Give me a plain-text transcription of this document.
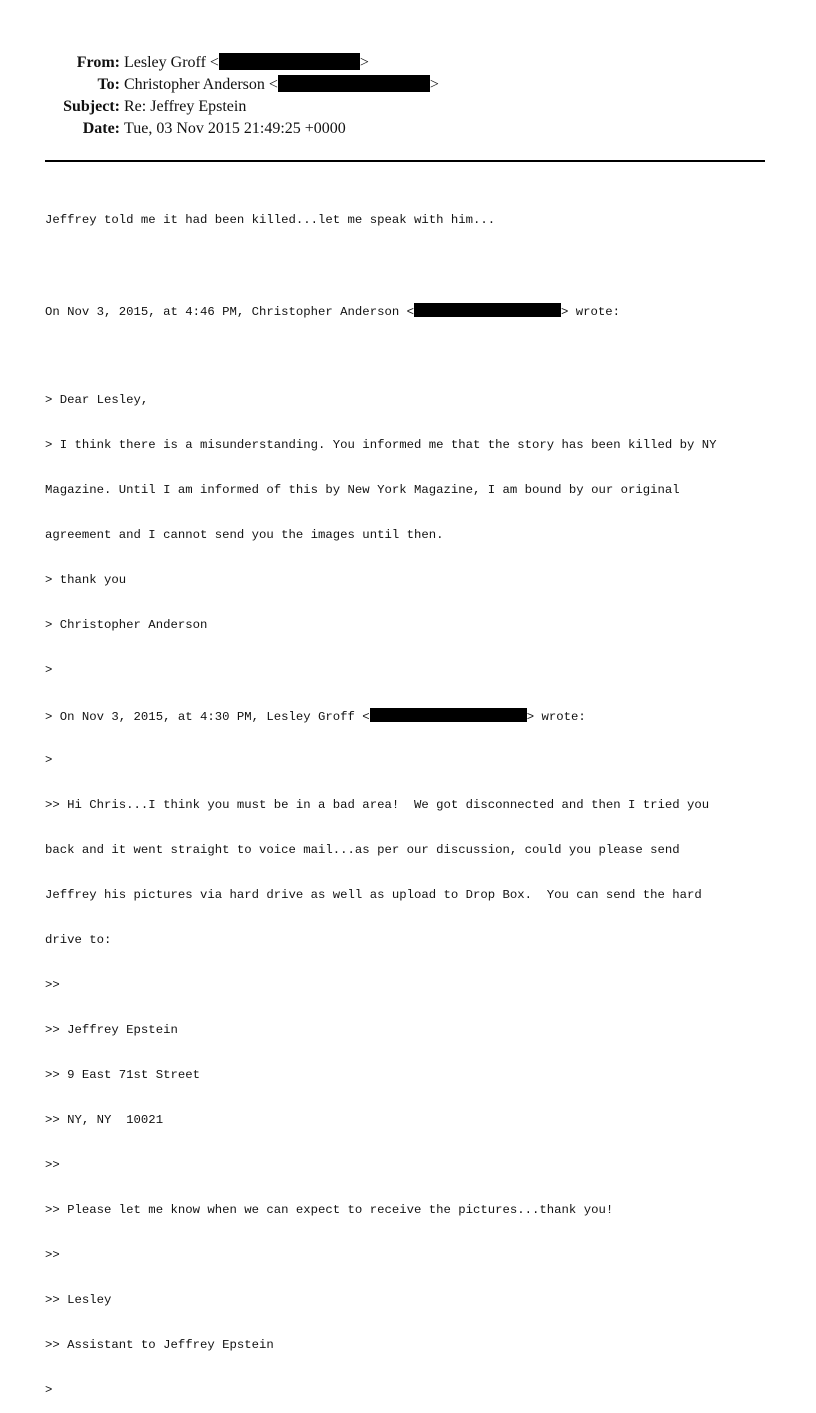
From: Lesley Groff <	>
To: Christopher Anderson <	>
Subject: Re: Jeffrey Epstein
Date: Tue, 03 Nov 2015 21:49:25 +0000

Jeffrey told me it had been killed...let me speak with him...

On Nov 3, 2015, at 4:46 PM, Christopher Anderson <	> wrote:

> Dear Lesley,

> I think there is a misunderstanding. You informed me that the story has been killed by NY

Magazine. Until I am informed of this by New York Magazine, I am bound by our original

agreement and I cannot send you the images until then.

> thank you

> Christopher Anderson

>

> On Nov 3, 2015, at 4:30 PM, Lesley Groff <	> wrote:

>

>> Hi Chris...I think you must be in a bad area!  We got disconnected and then I tried you

back and it went straight to voice mail...as per our discussion, could you please send

Jeffrey his pictures via hard drive as well as upload to Drop Box.  You can send the hard

drive to:

>>

>> Jeffrey Epstein

>> 9 East 71st Street

>> NY, NY  10021

>>

>> Please let me know when we can expect to receive the pictures...thank you!

>>

>> Lesley

>> Assistant to Jeffrey Epstein

>
